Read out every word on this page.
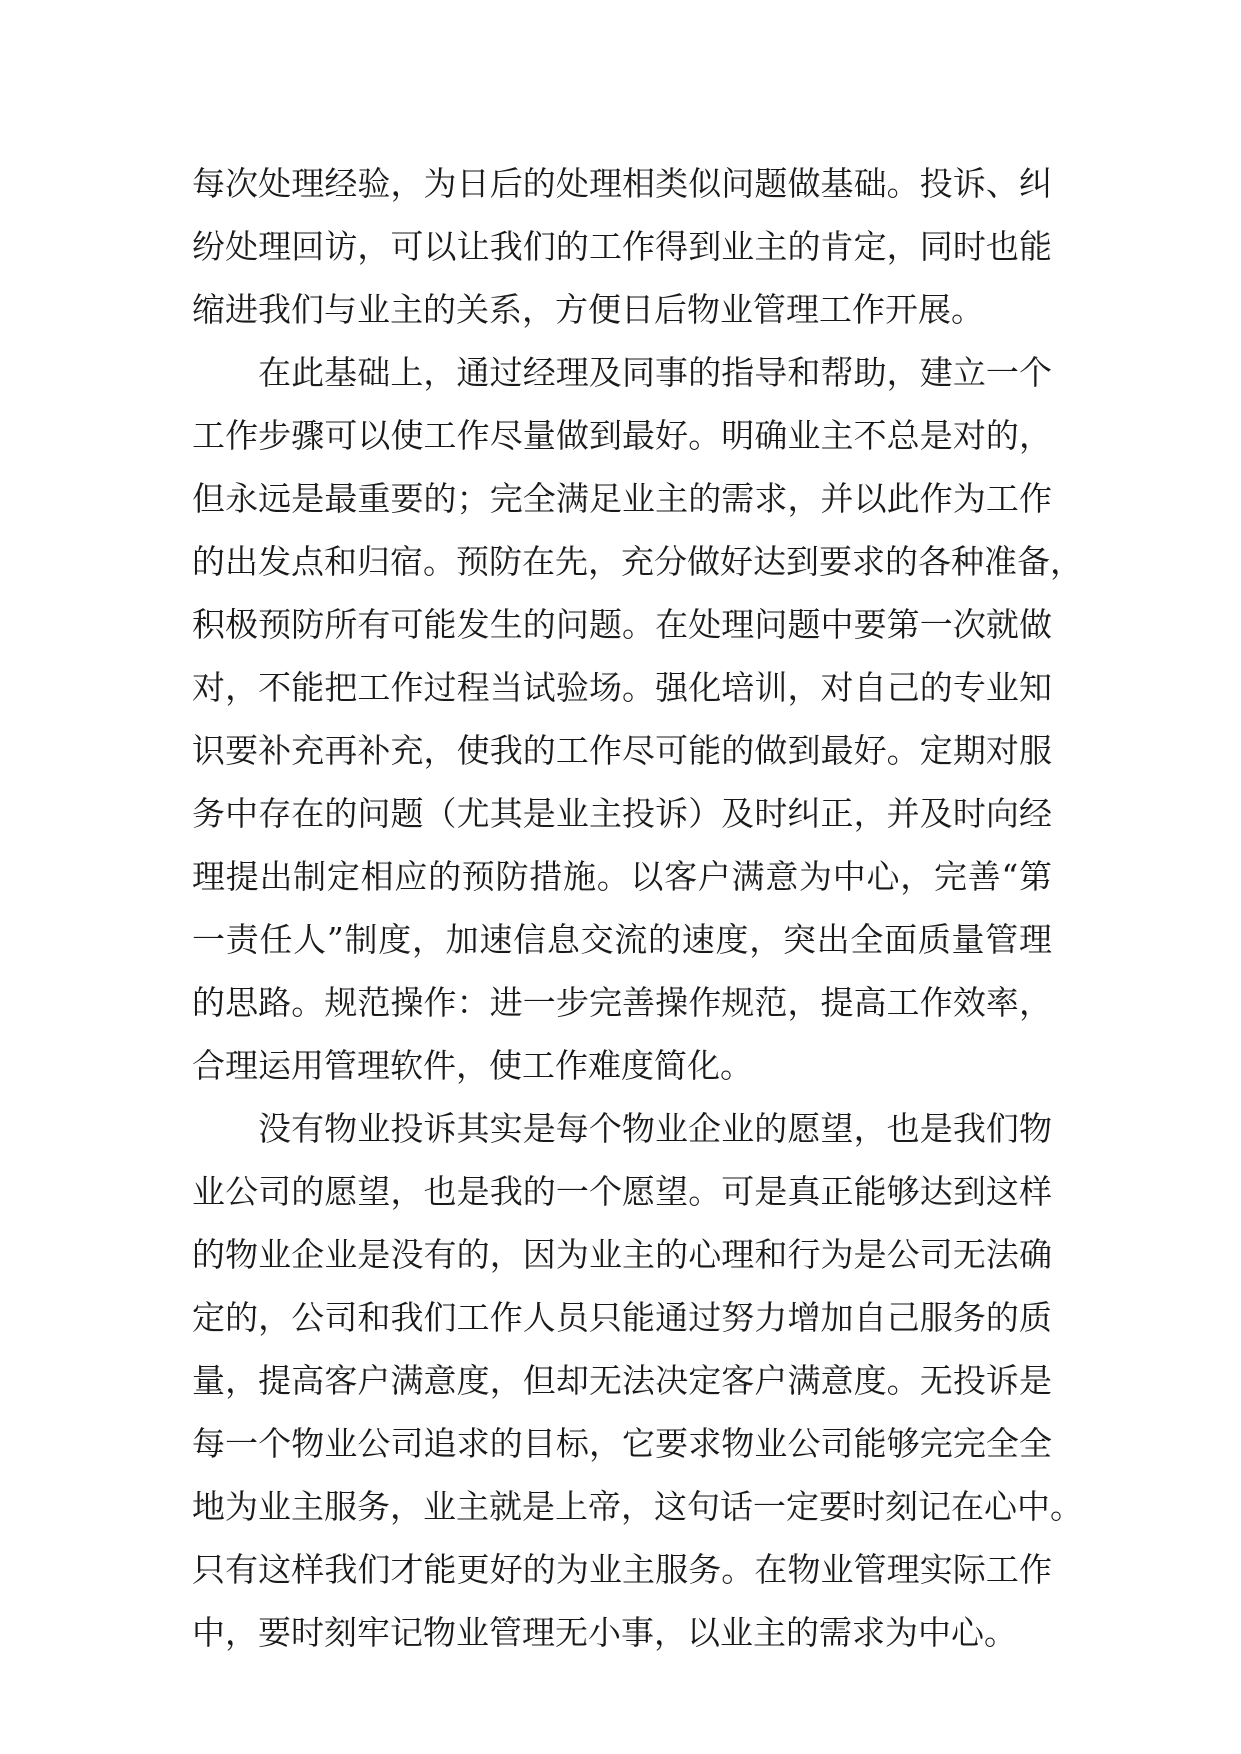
每次处理经验，为日后的处理相类似问题做基础。投诉、纠
纷处理回访，可以让我们的工作得到业主的肯定，同时也能
缩进我们与业主的关系，方便日后物业管理工作开展。
在此基础上，通过经理及同事的指导和帮助，建立一个
工作步骤可以使工作尽量做到最好。明确业主不总是对的，
但永远是最重要的；完全满足业主的需求，并以此作为工作
的出发点和归宿。预防在先，充分做好达到要求的各种准备，
积极预防所有可能发生的问题。在处理问题中要第一次就做
对，不能把工作过程当试验场。强化培训，对自己的专业知
识要补充再补充，使我的工作尽可能的做到最好。定期对服
务中存在的问题（尤其是业主投诉）及时纠正，并及时向经
理提出制定相应的预防措施。以客户满意为中心，完善“第
一责任人”制度，加速信息交流的速度，突出全面质量管理
的思路。规范操作：进一步完善操作规范，提高工作效率，
合理运用管理软件，使工作难度简化。
没有物业投诉其实是每个物业企业的愿望，也是我们物
业公司的愿望，也是我的一个愿望。可是真正能够达到这样
的物业企业是没有的，因为业主的心理和行为是公司无法确
定的，公司和我们工作人员只能通过努力增加自己服务的质
量，提高客户满意度，但却无法决定客户满意度。无投诉是
每一个物业公司追求的目标，它要求物业公司能够完完全全
地为业主服务，业主就是上帝，这句话一定要时刻记在心中。
只有这样我们才能更好的为业主服务。在物业管理实际工作
中，要时刻牢记物业管理无小事，以业主的需求为中心。
